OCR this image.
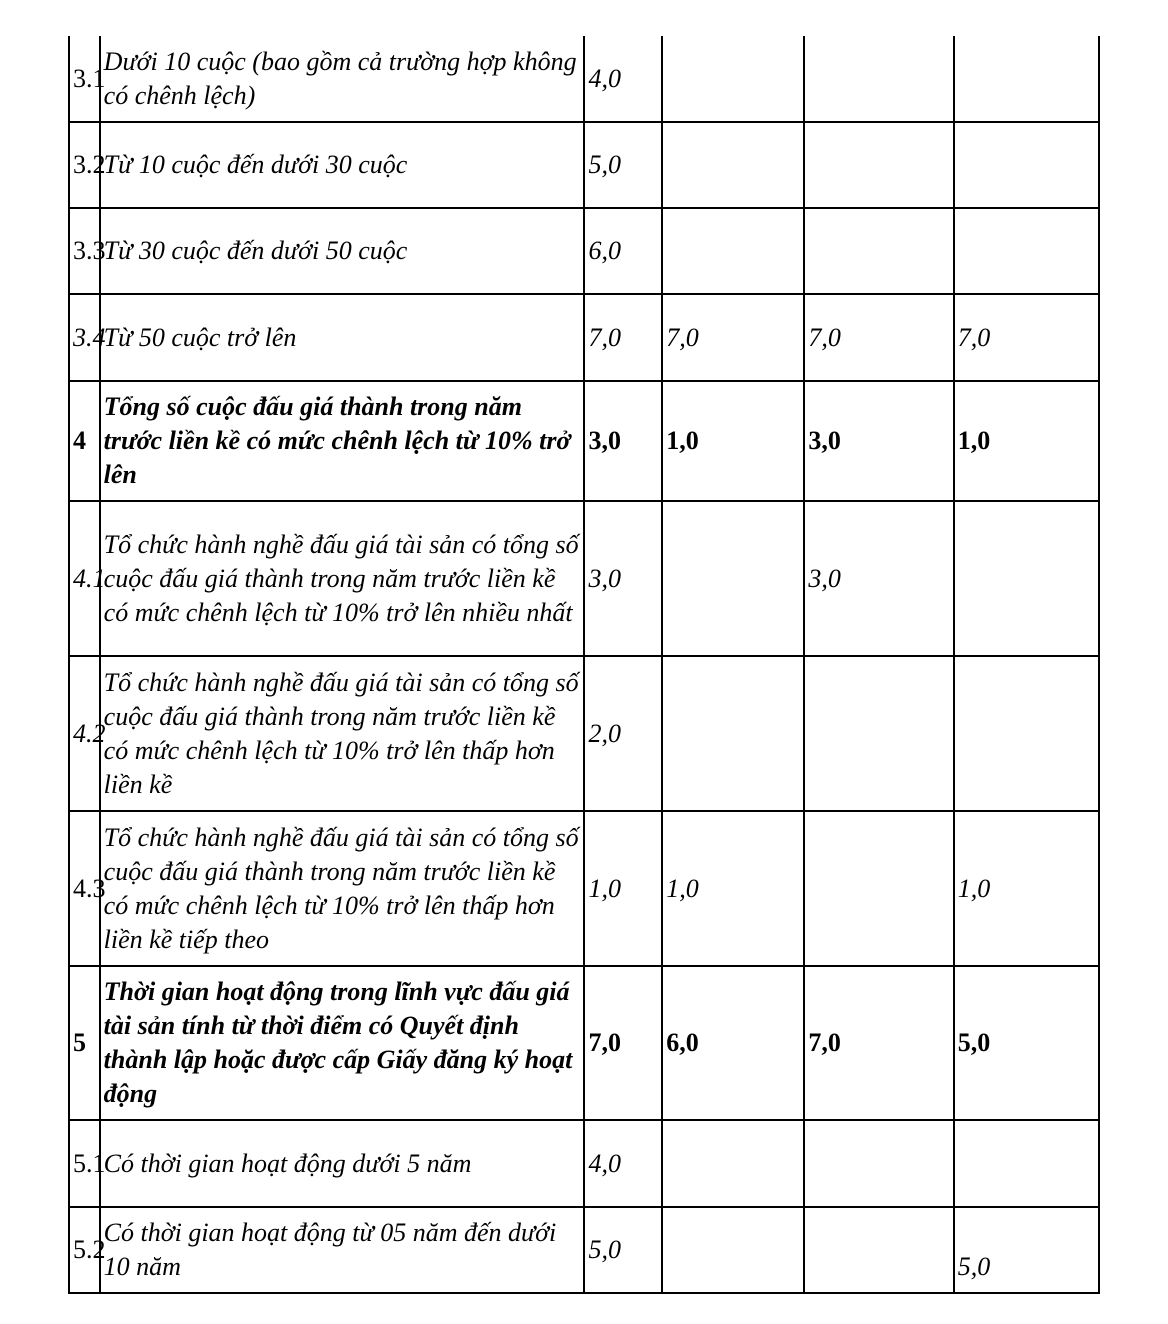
3.1	Dưới 10 cuộc (bao gồm cả trường hợp không có chênh lệch)	4,0			
3.2	Từ 10 cuộc đến dưới 30 cuộc	5,0			
3.3	Từ 30 cuộc đến dưới 50 cuộc	6,0			
3.4	Từ 50 cuộc trở lên	7,0	7,0	7,0	7,0
4	Tổng số cuộc đấu giá thành trong năm trước liền kề có mức chênh lệch từ 10% trở lên	3,0	1,0	3,0	1,0
4.1	Tổ chức hành nghề đấu giá tài sản có tổng số cuộc đấu giá thành trong năm trước liền kề có mức chênh lệch từ 10% trở lên nhiều nhất	3,0		3,0	
4.2	Tổ chức hành nghề đấu giá tài sản có tổng số cuộc đấu giá thành trong năm trước liền kề có mức chênh lệch từ 10% trở lên thấp hơn liền kề	2,0			
4.3	Tổ chức hành nghề đấu giá tài sản có tổng số cuộc đấu giá thành trong năm trước liền kề có mức chênh lệch từ 10% trở lên thấp hơn liền kề tiếp theo	1,0	1,0		1,0
5	Thời gian hoạt động trong lĩnh vực đấu giá tài sản tính từ thời điểm có Quyết định thành lập hoặc được cấp Giấy đăng ký hoạt động	7,0	6,0	7,0	5,0
5.1	Có thời gian hoạt động dưới 5 năm	4,0			
5.2	Có thời gian hoạt động từ 05 năm đến dưới 10 năm	5,0			5,0
